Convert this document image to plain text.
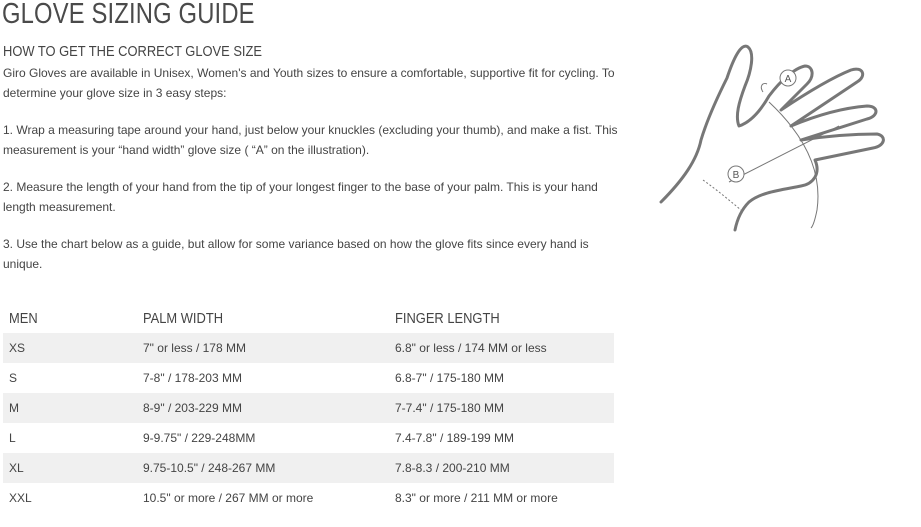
GLOVE SIZING GUIDE
HOW TO GET THE CORRECT GLOVE SIZE
Giro Gloves are available in Unisex, Women's and Youth sizes to ensure a comfortable, supportive fit for cycling. To determine your glove size in 3 easy steps:
1. Wrap a measuring tape around your hand, just below your knuckles (excluding your thumb), and make a fist. This measurement is your “hand width” glove size ( “A” on the illustration).
2. Measure the length of your hand from the tip of your longest finger to the base of your palm. This is your hand length measurement.
3. Use the chart below as a guide, but allow for some variance based on how the glove fits since every hand is unique.
A
B
MEN	PALM WIDTH	FINGER LENGTH
XS	7" or less / 178 MM	6.8" or less / 174 MM or less
S	7-8" / 178-203 MM	6.8-7" / 175-180 MM
M	8-9" / 203-229 MM	7-7.4" / 175-180 MM
L	9-9.75" / 229-248MM	7.4-7.8" / 189-199 MM
XL	9.75-10.5" / 248-267 MM	7.8-8.3 / 200-210 MM
XXL	10.5" or more / 267 MM or more	8.3" or more / 211 MM or more
